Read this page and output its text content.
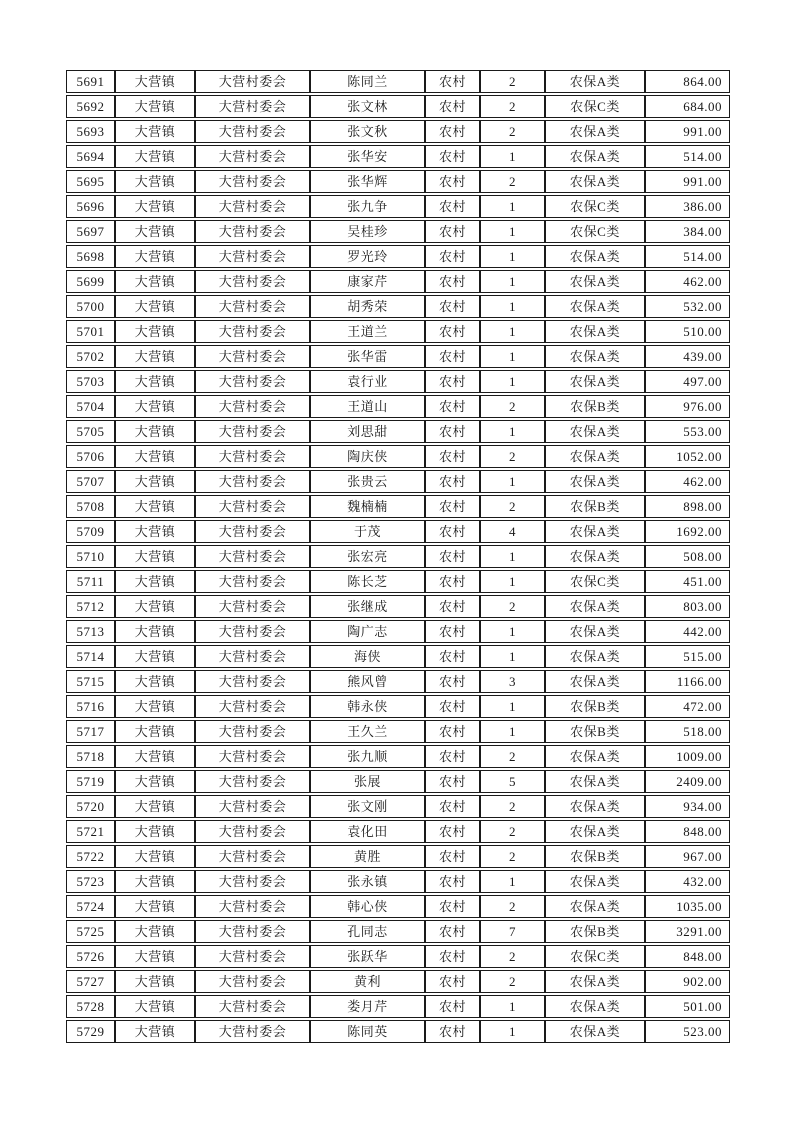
5691	大营镇	大营村委会	陈同兰	农村	2	农保A类	864.00
5692	大营镇	大营村委会	张文林	农村	2	农保C类	684.00
5693	大营镇	大营村委会	张文秋	农村	2	农保A类	991.00
5694	大营镇	大营村委会	张华安	农村	1	农保A类	514.00
5695	大营镇	大营村委会	张华辉	农村	2	农保A类	991.00
5696	大营镇	大营村委会	张九争	农村	1	农保C类	386.00
5697	大营镇	大营村委会	吴桂珍	农村	1	农保C类	384.00
5698	大营镇	大营村委会	罗光玲	农村	1	农保A类	514.00
5699	大营镇	大营村委会	康家芹	农村	1	农保A类	462.00
5700	大营镇	大营村委会	胡秀荣	农村	1	农保A类	532.00
5701	大营镇	大营村委会	王道兰	农村	1	农保A类	510.00
5702	大营镇	大营村委会	张华雷	农村	1	农保A类	439.00
5703	大营镇	大营村委会	袁行业	农村	1	农保A类	497.00
5704	大营镇	大营村委会	王道山	农村	2	农保B类	976.00
5705	大营镇	大营村委会	刘思甜	农村	1	农保A类	553.00
5706	大营镇	大营村委会	陶庆侠	农村	2	农保A类	1052.00
5707	大营镇	大营村委会	张贵云	农村	1	农保A类	462.00
5708	大营镇	大营村委会	魏楠楠	农村	2	农保B类	898.00
5709	大营镇	大营村委会	于茂	农村	4	农保A类	1692.00
5710	大营镇	大营村委会	张宏亮	农村	1	农保A类	508.00
5711	大营镇	大营村委会	陈长芝	农村	1	农保C类	451.00
5712	大营镇	大营村委会	张继成	农村	2	农保A类	803.00
5713	大营镇	大营村委会	陶广志	农村	1	农保A类	442.00
5714	大营镇	大营村委会	海侠	农村	1	农保A类	515.00
5715	大营镇	大营村委会	熊风曾	农村	3	农保A类	1166.00
5716	大营镇	大营村委会	韩永侠	农村	1	农保B类	472.00
5717	大营镇	大营村委会	王久兰	农村	1	农保B类	518.00
5718	大营镇	大营村委会	张九顺	农村	2	农保A类	1009.00
5719	大营镇	大营村委会	张展	农村	5	农保A类	2409.00
5720	大营镇	大营村委会	张文刚	农村	2	农保A类	934.00
5721	大营镇	大营村委会	袁化田	农村	2	农保A类	848.00
5722	大营镇	大营村委会	黄胜	农村	2	农保B类	967.00
5723	大营镇	大营村委会	张永镇	农村	1	农保A类	432.00
5724	大营镇	大营村委会	韩心侠	农村	2	农保A类	1035.00
5725	大营镇	大营村委会	孔同志	农村	7	农保B类	3291.00
5726	大营镇	大营村委会	张跃华	农村	2	农保C类	848.00
5727	大营镇	大营村委会	黄利	农村	2	农保A类	902.00
5728	大营镇	大营村委会	娄月芹	农村	1	农保A类	501.00
5729	大营镇	大营村委会	陈同英	农村	1	农保A类	523.00
